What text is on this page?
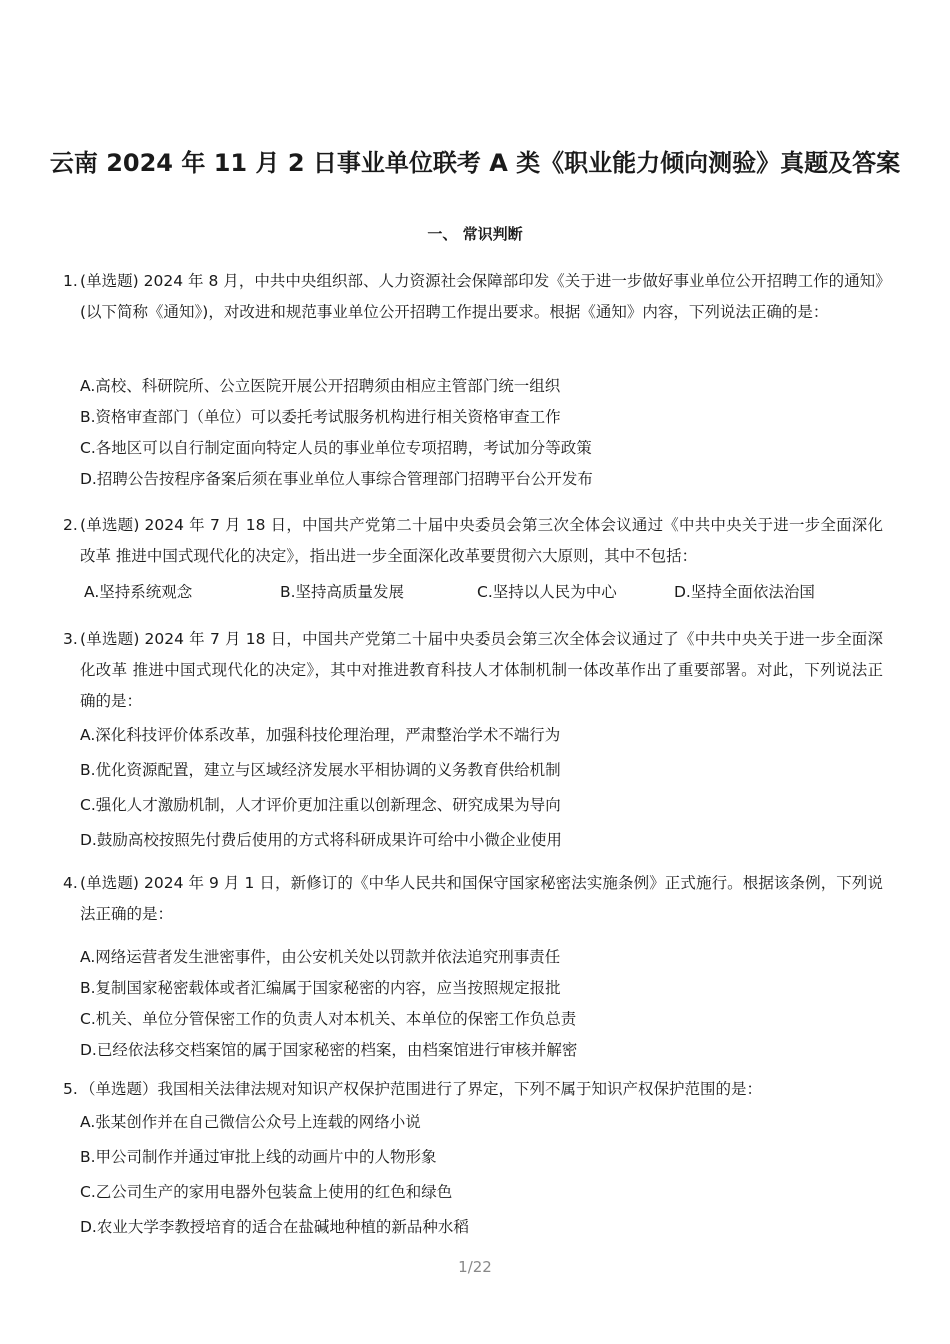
云南 2024 年 11 月 2 日事业单位联考 A 类《职业能力倾向测验》真题及答案
一、 常识判断
1. (单选题) 2024 年 8 月，中共中央组织部、人力资源社会保障部印发《关于进一步做好事业单位公开招聘工作的通知》(以下简称《通知》)，对改进和规范事业单位公开招聘工作提出要求。根据《通知》内容，下列说法正确的是：
A.高校、科研院所、公立医院开展公开招聘须由相应主管部门统一组织
B.资格审查部门（单位）可以委托考试服务机构进行相关资格审查工作
C.各地区可以自行制定面向特定人员的事业单位专项招聘，考试加分等政策
D.招聘公告按程序备案后须在事业单位人事综合管理部门招聘平台公开发布
2. (单选题) 2024 年 7 月 18 日，中国共产党第二十届中央委员会第三次全体会议通过《中共中央关于进一步全面深化改革 推进中国式现代化的决定》，指出进一步全面深化改革要贯彻六大原则，其中不包括：
A.坚持系统观念	B.坚持高质量发展	C.坚持以人民为中心	D.坚持全面依法治国
3. (单选题) 2024 年 7 月 18 日，中国共产党第二十届中央委员会第三次全体会议通过了《中共中央关于进一步全面深化改革 推进中国式现代化的决定》，其中对推进教育科技人才体制机制一体改革作出了重要部署。对此，下列说法正确的是：
A.深化科技评价体系改革，加强科技伦理治理，严肃整治学术不端行为
B.优化资源配置，建立与区域经济发展水平相协调的义务教育供给机制
C.强化人才激励机制，人才评价更加注重以创新理念、研究成果为导向
D.鼓励高校按照先付费后使用的方式将科研成果许可给中小微企业使用
4. (单选题) 2024 年 9 月 1 日，新修订的《中华人民共和国保守国家秘密法实施条例》正式施行。根据该条例，下列说法正确的是：
A.网络运营者发生泄密事件，由公安机关处以罚款并依法追究刑事责任
B.复制国家秘密载体或者汇编属于国家秘密的内容，应当按照规定报批
C.机关、单位分管保密工作的负责人对本机关、本单位的保密工作负总责
D.已经依法移交档案馆的属于国家秘密的档案，由档案馆进行审核并解密
5. （单选题）我国相关法律法规对知识产权保护范围进行了界定，下列不属于知识产权保护范围的是：
A.张某创作并在自己微信公众号上连载的网络小说
B.甲公司制作并通过审批上线的动画片中的人物形象
C.乙公司生产的家用电器外包装盒上使用的红色和绿色
D.农业大学李教授培育的适合在盐碱地种植的新品种水稻
1/22
